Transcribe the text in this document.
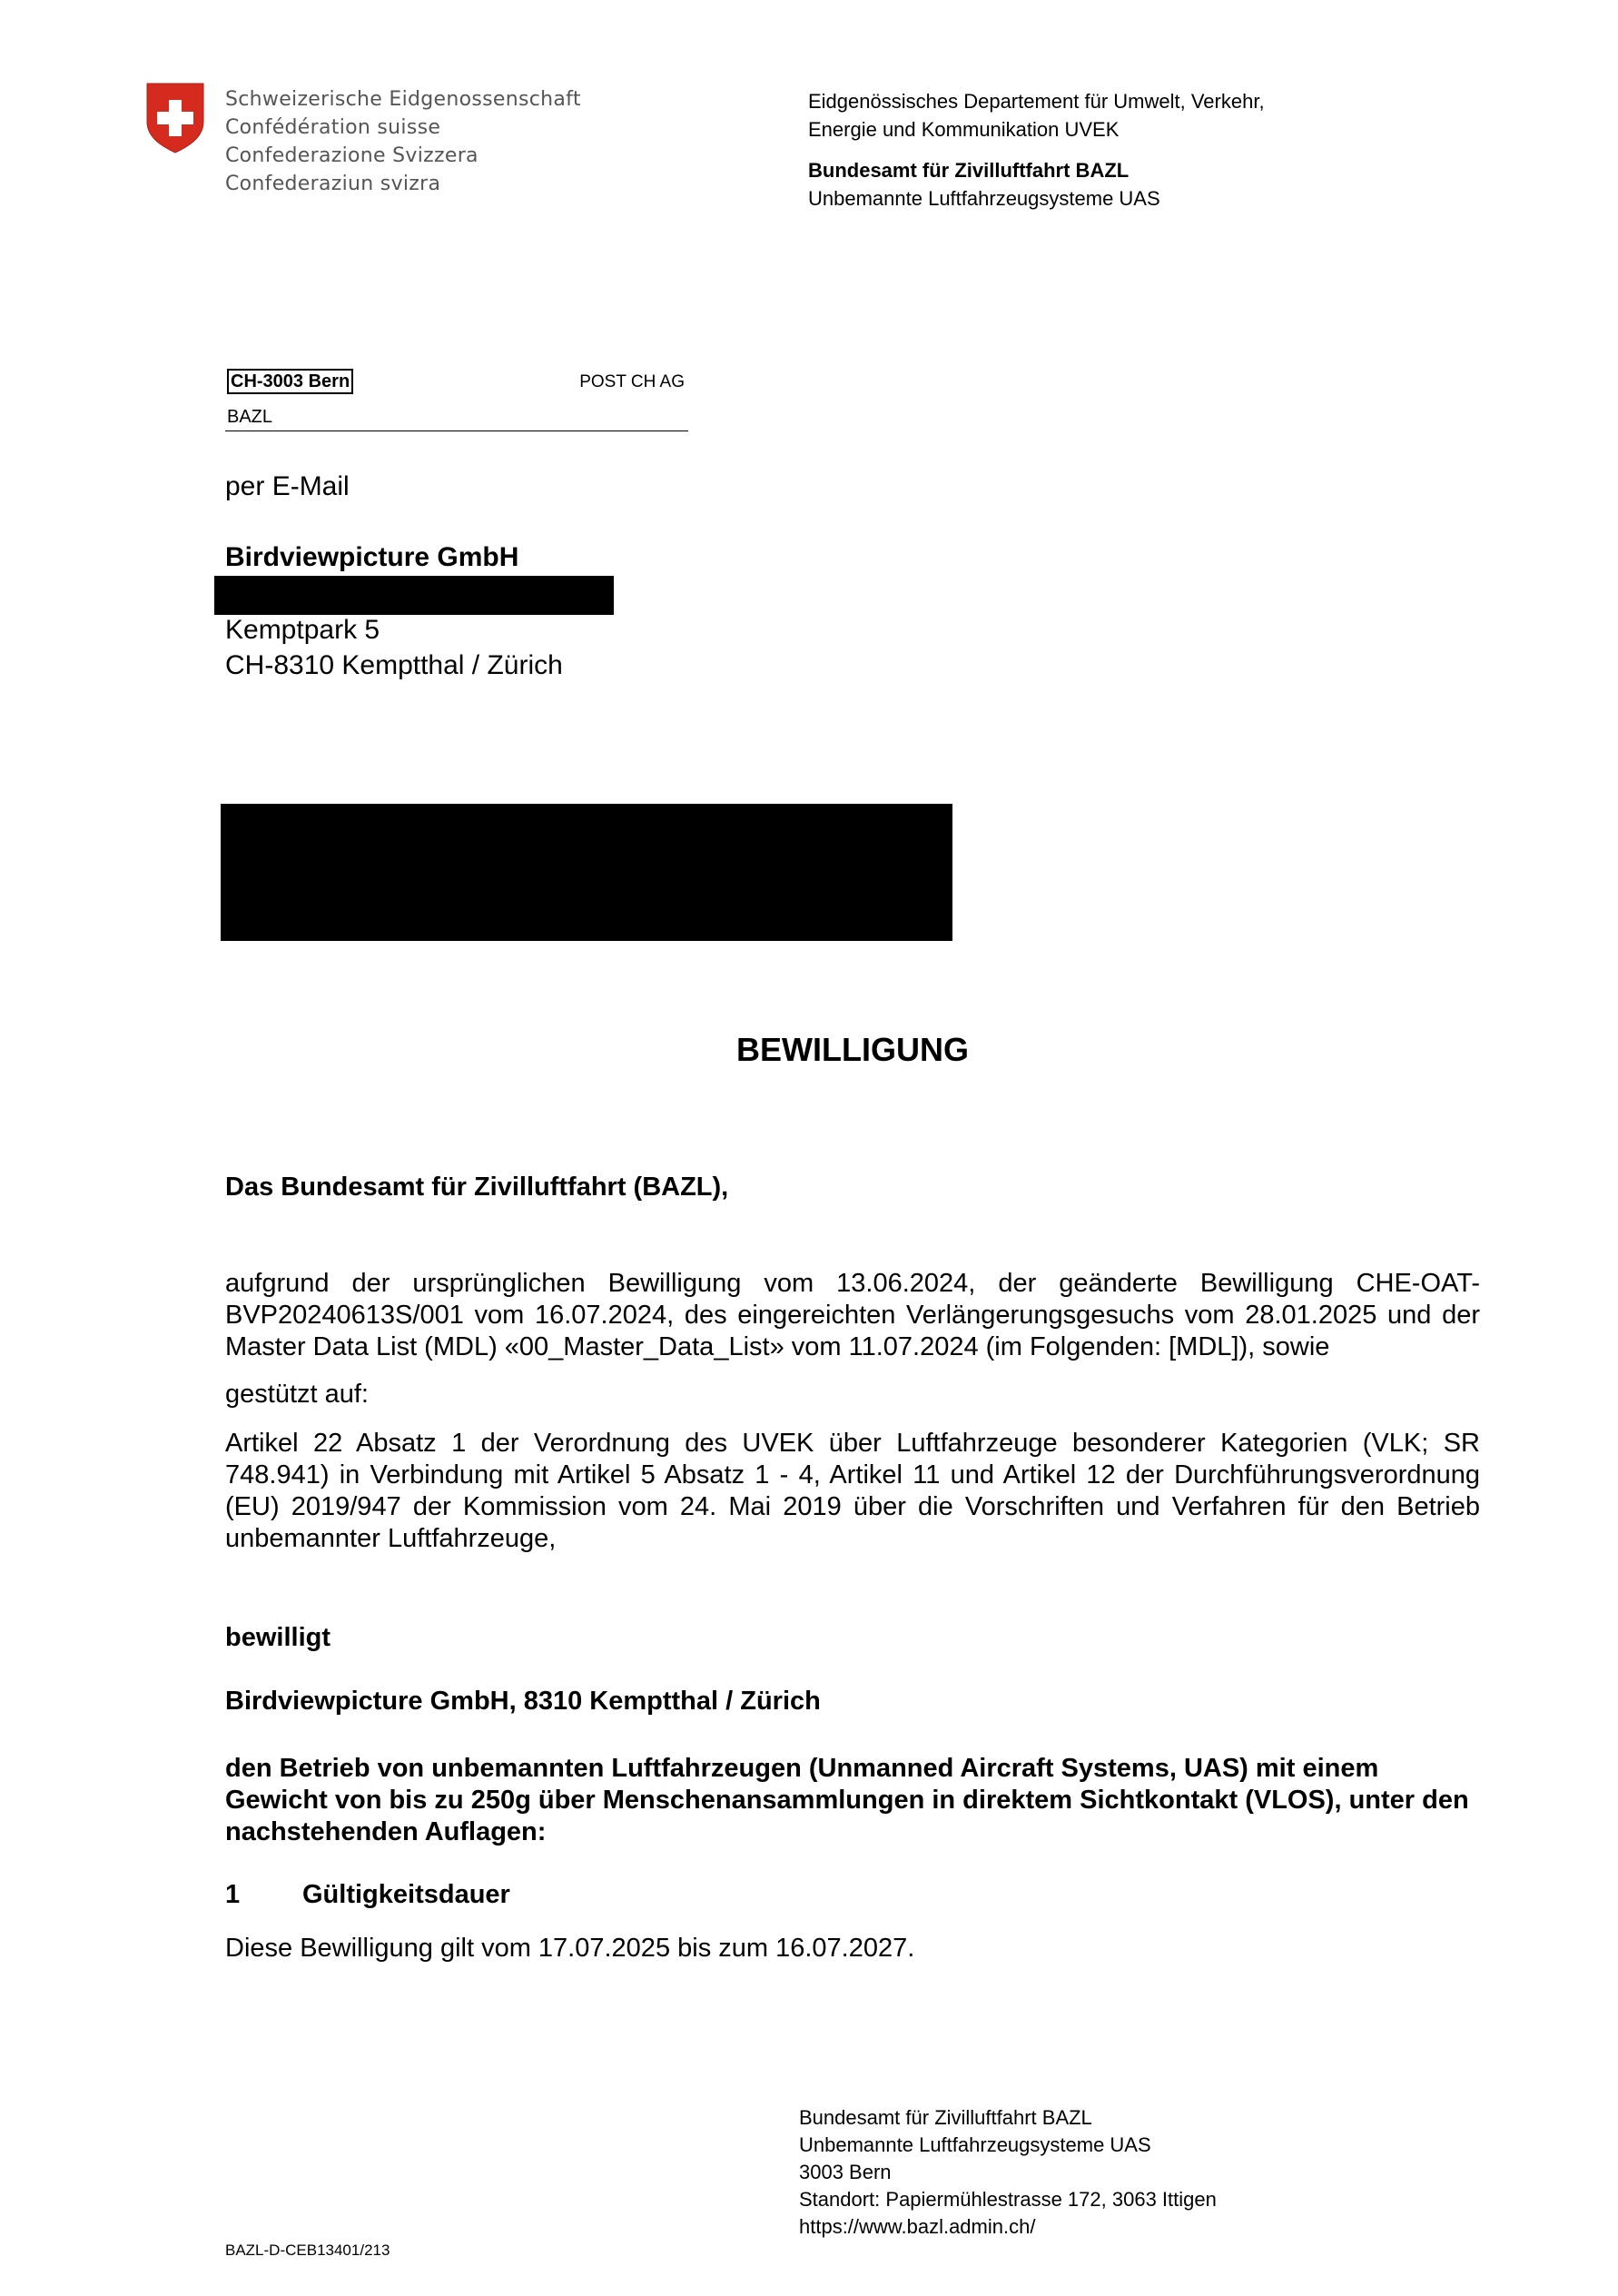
Schweizerische Eidgenossenschaft
Confédération suisse
Confederazione Svizzera
Confederaziun svizra
Eidgenössisches Departement für Umwelt, Verkehr,
Energie und Kommunikation UVEK
Bundesamt für Zivilluftfahrt BAZL
Unbemannte Luftfahrzeugsysteme UAS
CH-3003 Bern	POST CH AG
BAZL
per E-Mail
Birdviewpicture GmbH
Kemptpark 5
CH-8310 Kemptthal / Zürich
BEWILLIGUNG
Das Bundesamt für Zivilluftfahrt (BAZL),
aufgrund der ursprünglichen Bewilligung vom 13.06.2024, der geänderte Bewilligung CHE-OAT-BVP20240613S/001 vom 16.07.2024, des eingereichten Verlängerungsgesuchs vom 28.01.2025 und der Master Data List (MDL) «00_Master_Data_List» vom 11.07.2024 (im Folgenden: [MDL]), sowie
gestützt auf:
Artikel 22 Absatz 1 der Verordnung des UVEK über Luftfahrzeuge besonderer Kategorien (VLK; SR 748.941) in Verbindung mit Artikel 5 Absatz 1 - 4, Artikel 11 und Artikel 12 der Durchführungsverordnung (EU) 2019/947 der Kommission vom 24. Mai 2019 über die Vorschriften und Verfahren für den Betrieb unbemannter Luftfahrzeuge,
bewilligt
Birdviewpicture GmbH, 8310 Kemptthal / Zürich
den Betrieb von unbemannten Luftfahrzeugen (Unmanned Aircraft Systems, UAS) mit einem Gewicht von bis zu 250g über Menschenansammlungen in direktem Sichtkontakt (VLOS), unter den nachstehenden Auflagen:
1 Gültigkeitsdauer
Diese Bewilligung gilt vom 17.07.2025 bis zum 16.07.2027.
Bundesamt für Zivilluftfahrt BAZL
Unbemannte Luftfahrzeugsysteme UAS
3003 Bern
Standort: Papiermühlestrasse 172, 3063 Ittigen
https://www.bazl.admin.ch/
BAZL-D-CEB13401/213
